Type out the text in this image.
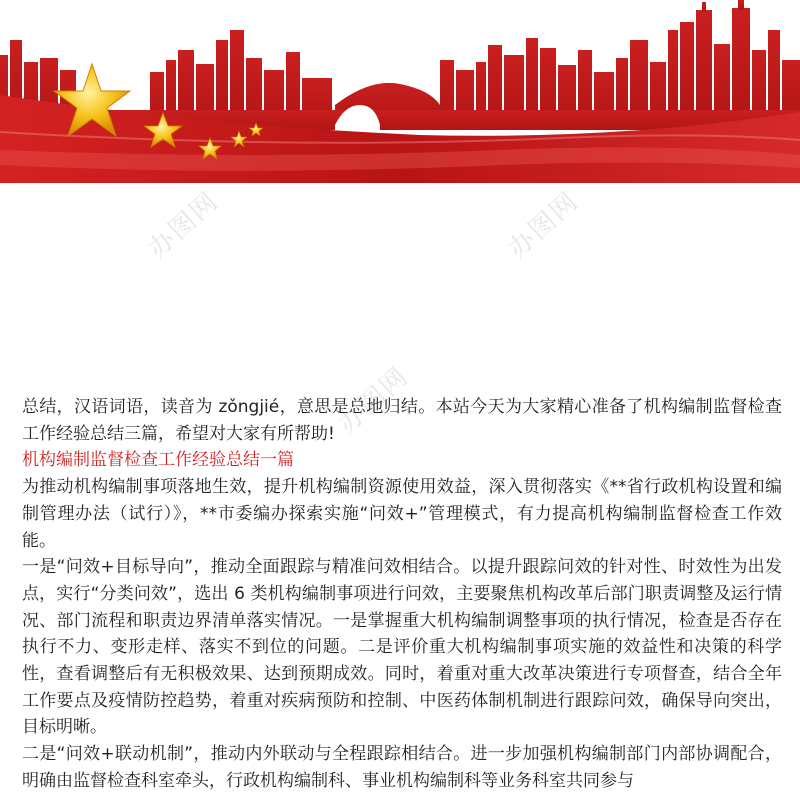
办图网	办图网
办图网

总结，汉语词语，读音为 zǒngjié，意思是总地归结。本站今天为大家精心准备了机构编制监督检查工作经验总结三篇，希望对大家有所帮助!

机构编制监督检查工作经验总结一篇

为推动机构编制事项落地生效，提升机构编制资源使用效益，深入贯彻落实《**省行政机构设置和编制管理办法（试行）》，**市委编办探索实施“问效+”管理模式，有力提高机构编制监督检查工作效能。

一是“问效+目标导向”，推动全面跟踪与精准问效相结合。以提升跟踪问效的针对性、时效性为出发点，实行“分类问效”，选出 6 类机构编制事项进行问效，主要聚焦机构改革后部门职责调整及运行情况、部门流程和职责边界清单落实情况。一是掌握重大机构编制调整事项的执行情况，检查是否存在执行不力、变形走样、落实不到位的问题。二是评价重大机构编制事项实施的效益性和决策的科学性，查看调整后有无积极效果、达到预期成效。同时，着重对重大改革决策进行专项督查，结合全年工作要点及疫情防控趋势，着重对疾病预防和控制、中医药体制机制进行跟踪问效，确保导向突出，目标明晰。

二是“问效+联动机制”，推动内外联动与全程跟踪相结合。进一步加强机构编制部门内部协调配合，明确由监督检查科室牵头，行政机构编制科、事业机构编制科等业务科室共同参与
